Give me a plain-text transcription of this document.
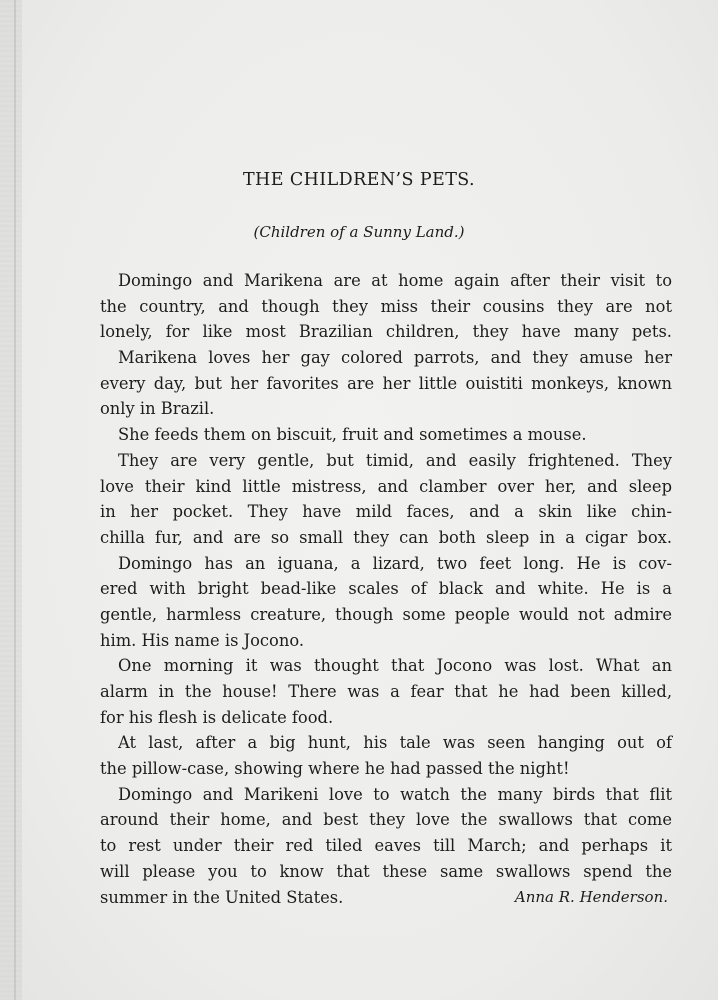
THE CHILDREN’S PETS.
(Children of a Sunny Land.)
Domingo and Marikena are at home again after their visit to
the country, and though they miss their cousins they are not
lonely, for like most Brazilian children, they have many pets.
Marikena loves her gay colored parrots, and they amuse her
every day, but her favorites are her little ouistiti monkeys, known
only in Brazil.
She feeds them on biscuit, fruit and sometimes a mouse.
They are very gentle, but timid, and easily frightened. They
love their kind little mistress, and clamber over her, and sleep
in her pocket. They have mild faces, and a skin like chin-
chilla fur, and are so small they can both sleep in a cigar box.
Domingo has an iguana, a lizard, two feet long. He is cov-
ered with bright bead-like scales of black and white. He is a
gentle, harmless creature, though some people would not admire
him. His name is Jocono.
One morning it was thought that Jocono was lost. What an
alarm in the house! There was a fear that he had been killed,
for his flesh is delicate food.
At last, after a big hunt, his tale was seen hanging out of
the pillow-case, showing where he had passed the night!
Domingo and Marikeni love to watch the many birds that flit
around their home, and best they love the swallows that come
to rest under their red tiled eaves till March; and perhaps it
will please you to know that these same swallows spend the
summer in the United States.	Anna R. Henderson.
